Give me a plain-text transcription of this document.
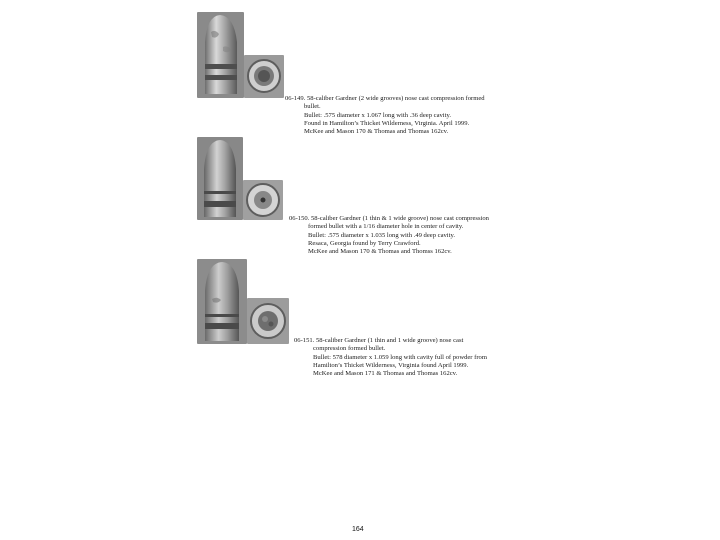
06-149. 58-caliber Gardner (2 wide grooves) nose cast compression formed
bullet.
Bullet: .575 diameter x 1.067 long with .36 deep cavity.
Found in Hamilton’s Thicket Wilderness, Virginia. April 1999.
McKee and Mason 170 & Thomas and Thomas 162cv.
06-150. 58-caliber Gardner (1 thin & 1 wide groove) nose cast compression
formed bullet with a 1/16 diameter hole in center of cavity.
Bullet: .575 diameter x 1.035 long with .49 deep cavity.
Resaca, Georgia found by Terry Crawford.
McKee and Mason 170 & Thomas and Thomss 162cv.
06-151. 58-caliber Gardner (1 thin and 1 wide groove) nose cast
compression formed bullet.
Bullet: 578 diameter x 1.059 long with cavity full of powder from
Hamilton’s Thicket Wilderness, Virginia found April 1999.
McKee and Mason 171 & Thomas and Thomas 162cv.
164
